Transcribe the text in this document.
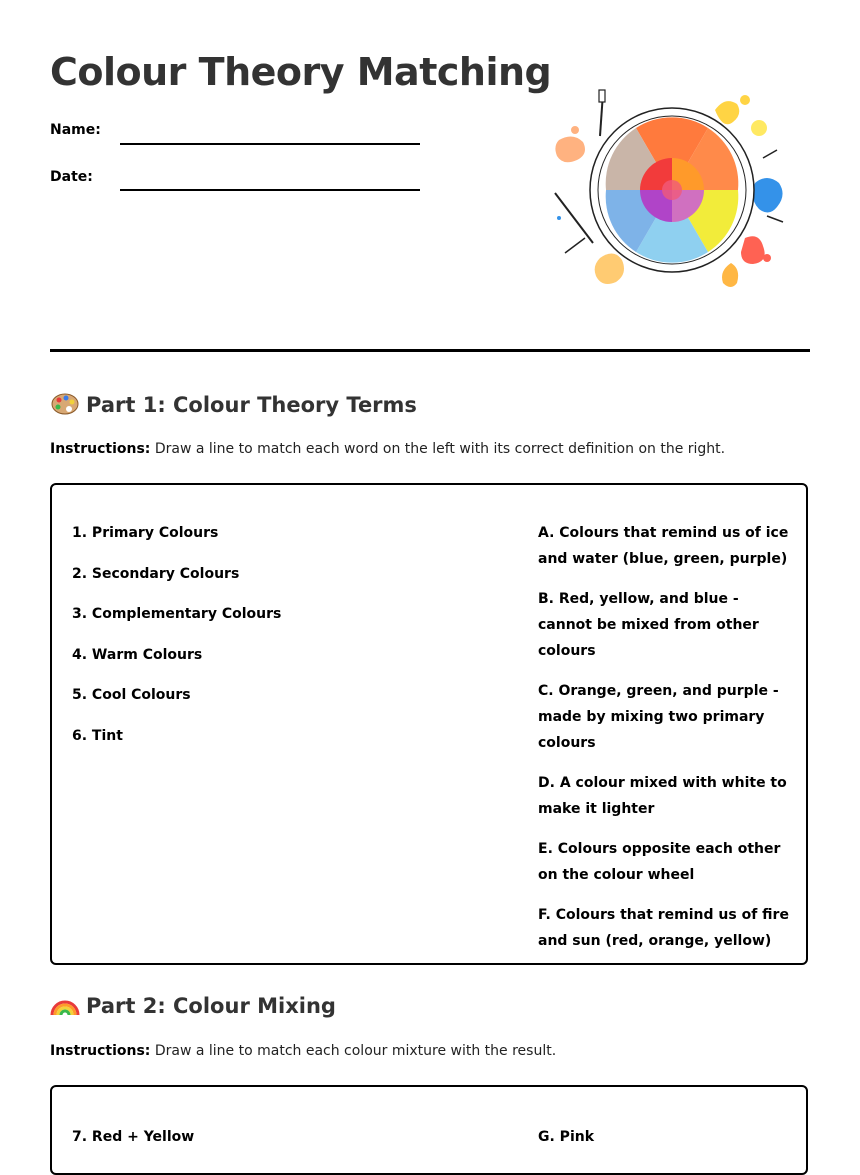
Colour Theory Matching
Name:
Date:
Part 1: Colour Theory Terms
Instructions: Draw a line to match each word on the left with its correct definition on the right.
1. Primary Colours
2. Secondary Colours
3. Complementary Colours
4. Warm Colours
5. Cool Colours
6. Tint
A. Colours that remind us of ice and water (blue, green, purple)
B. Red, yellow, and blue - cannot be mixed from other colours
C. Orange, green, and purple - made by mixing two primary colours
D. A colour mixed with white to make it lighter
E. Colours opposite each other on the colour wheel
F. Colours that remind us of fire and sun (red, orange, yellow)
Part 2: Colour Mixing
Instructions: Draw a line to match each colour mixture with the result.
7. Red + Yellow	G. Pink
